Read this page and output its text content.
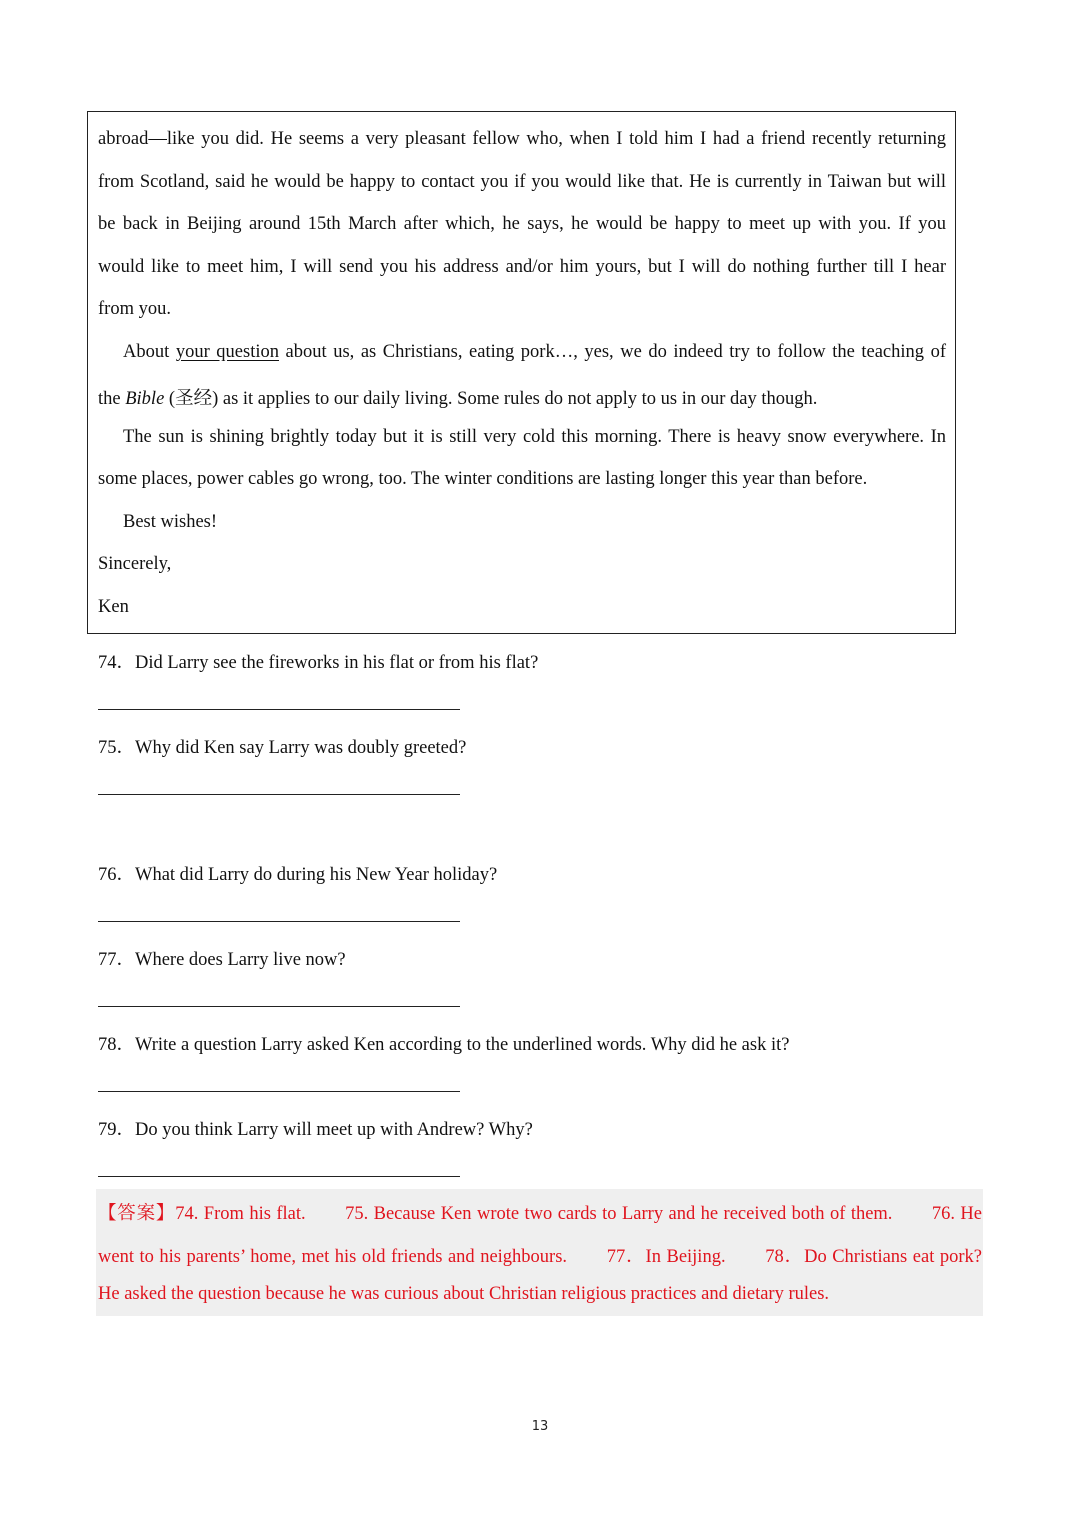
abroad—like you did. He seems a very pleasant fellow who, when I told him I had a friend recently returning
from Scotland, said he would be happy to contact you if you would like that. He is currently in Taiwan but will
be back in Beijing around 15th March after which, he says, he would be happy to meet up with you. If you
would like to meet him, I will send you his address and/or him yours, but I will do nothing further till I hear
from you.
About your question about us, as Christians, eating pork…, yes, we do indeed try to follow the teaching of
the Bible (圣经) as it applies to our daily living. Some rules do not apply to us in our day though.
The sun is shining brightly today but it is still very cold this morning. There is heavy snow everywhere. In
some places, power cables go wrong, too. The winter conditions are lasting longer this year than before.
Best wishes!
Sincerely,
Ken
74．Did Larry see the fireworks in his flat or from his flat?
75．Why did Ken say Larry was doubly greeted?
76．What did Larry do during his New Year holiday?
77．Where does Larry live now?
78．Write a question Larry asked Ken according to the underlined words. Why did he ask it?
79．Do you think Larry will meet up with Andrew? Why?
【答案】74. From his flat.　　75. Because Ken wrote two cards to Larry and he received both of them.　　76. He
went to his parents’ home, met his old friends and neighbours.　　77．In Beijing.　　78．Do Christians eat pork?
He asked the question because he was curious about Christian religious practices and dietary rules.
13
